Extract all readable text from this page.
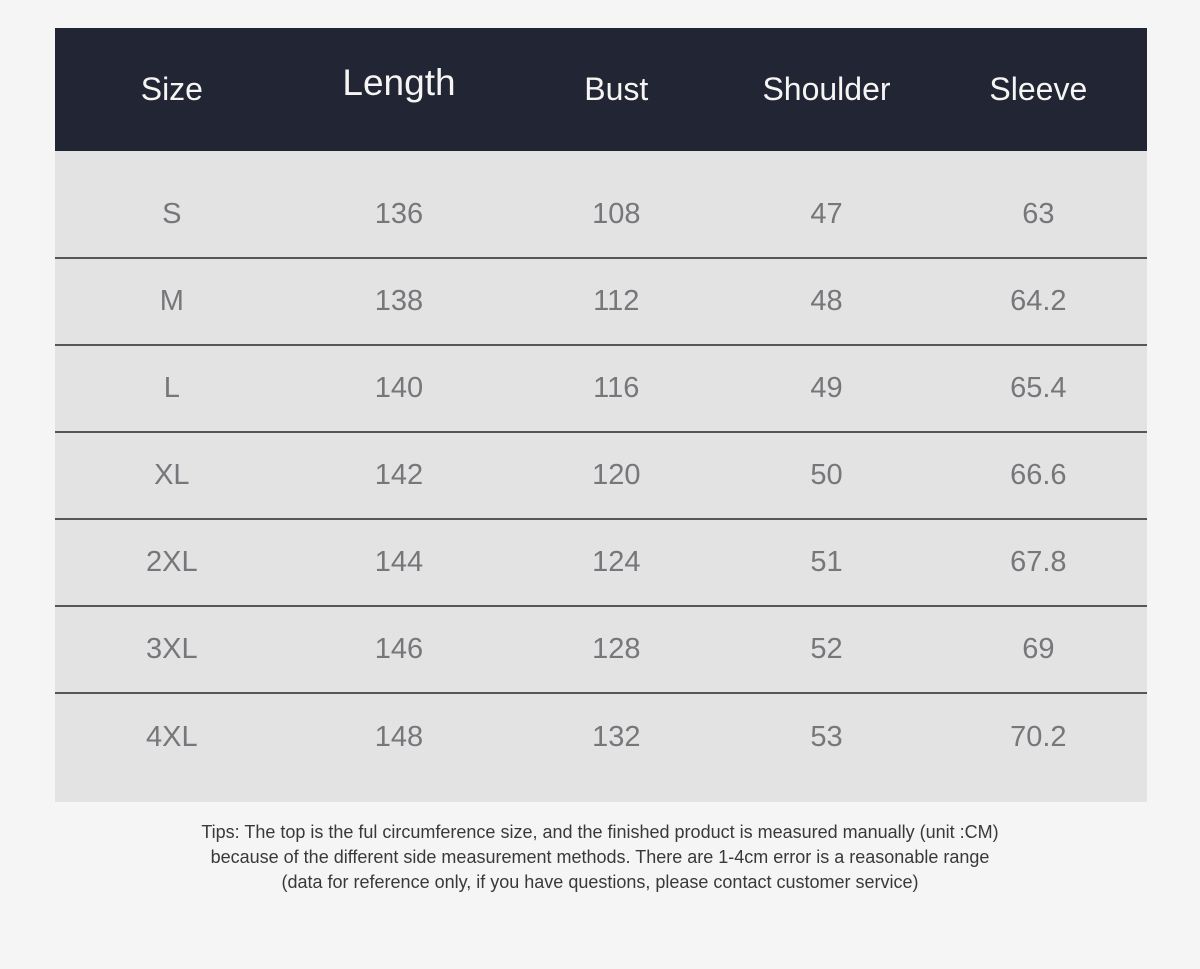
Size	Length	Bust	Shoulder	Sleeve
S	136	108	47	63
M	138	112	48	64.2
L	140	116	49	65.4
XL	142	120	50	66.6
2XL	144	124	51	67.8
3XL	146	128	52	69
4XL	148	132	53	70.2
Tips: The top is the ful circumference size, and the finished product is measured manually (unit :CM)
because of the different side measurement methods. There are 1-4cm error is a reasonable range
(data for reference only, if you have questions, please contact customer service)
